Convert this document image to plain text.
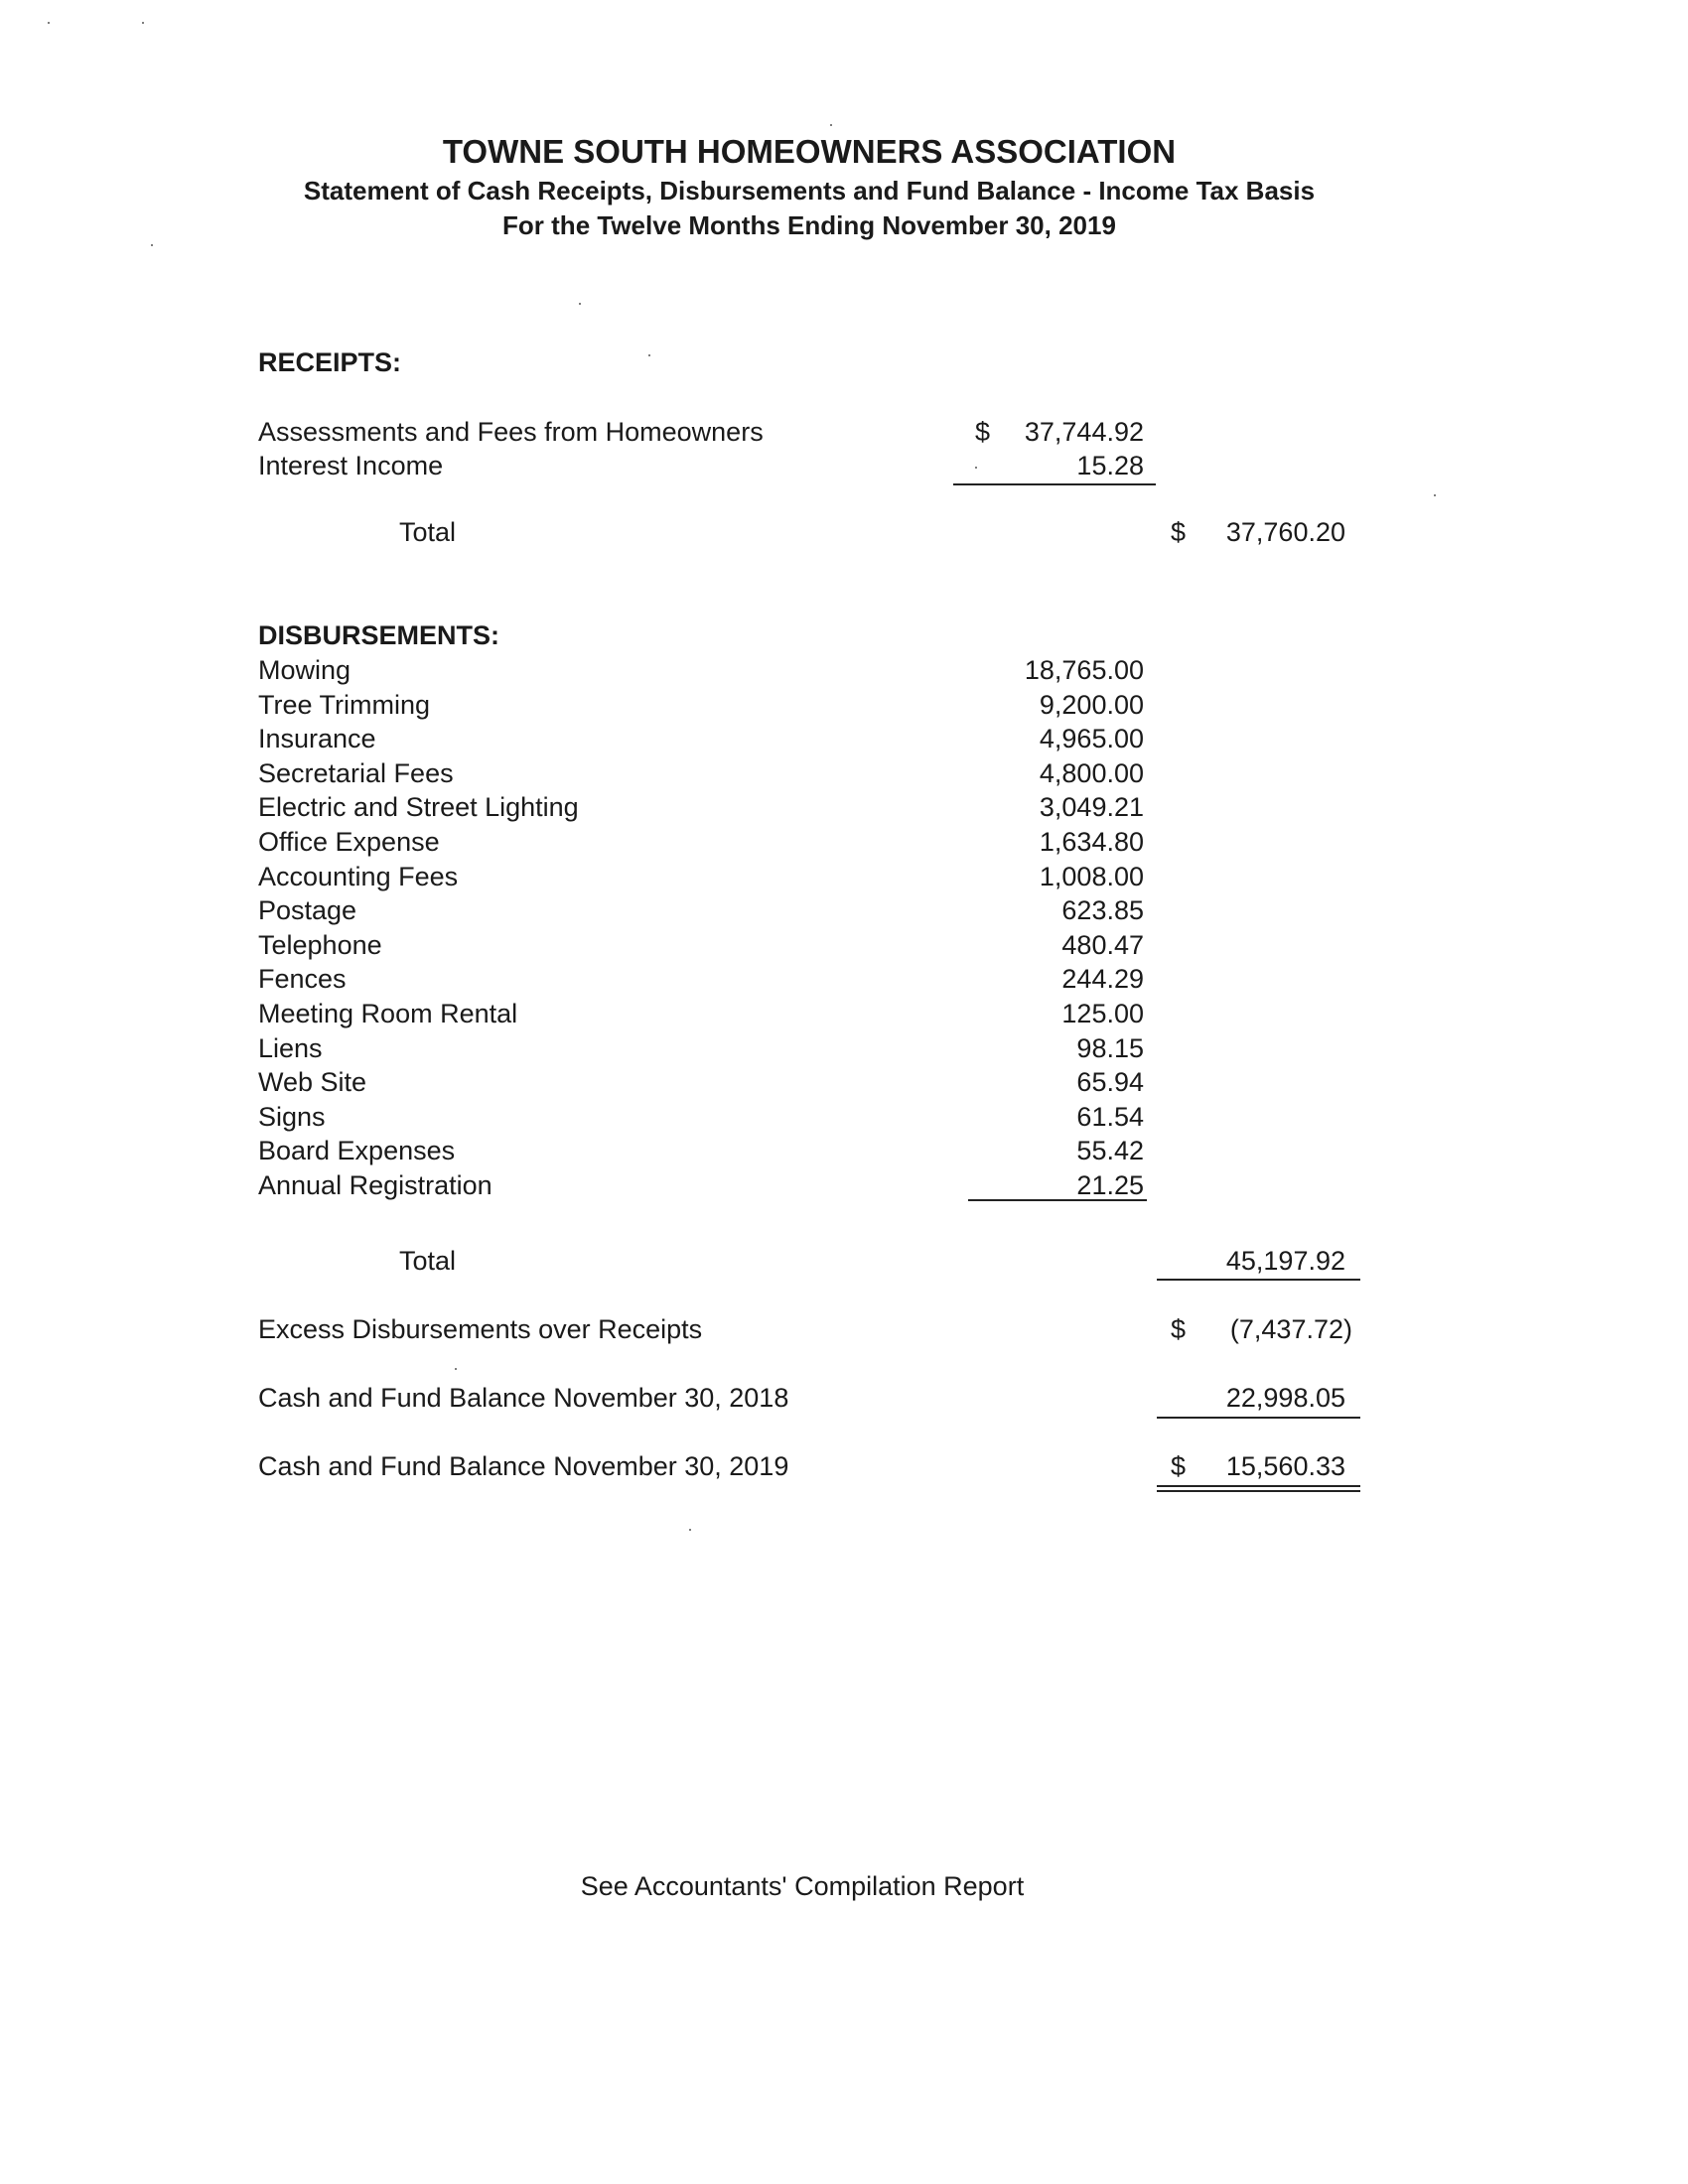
TOWNE SOUTH HOMEOWNERS ASSOCIATION
Statement of Cash Receipts, Disbursements and Fund Balance - Income Tax Basis
For the Twelve Months Ending November 30, 2019
RECEIPTS:
Assessments and Fees from Homeowners	$ 37,744.92
Interest Income	15.28
Total	$ 37,760.20
DISBURSEMENTS:
Mowing	18,765.00
Tree Trimming	9,200.00
Insurance	4,965.00
Secretarial Fees	4,800.00
Electric and Street Lighting	3,049.21
Office Expense	1,634.80
Accounting Fees	1,008.00
Postage	623.85
Telephone	480.47
Fences	244.29
Meeting Room Rental	125.00
Liens	98.15
Web Site	65.94
Signs	61.54
Board Expenses	55.42
Annual Registration	21.25
Total	45,197.92
Excess Disbursements over Receipts	$ (7,437.72)
Cash and Fund Balance November 30, 2018	22,998.05
Cash and Fund Balance November 30, 2019	$ 15,560.33
See Accountants' Compilation Report
